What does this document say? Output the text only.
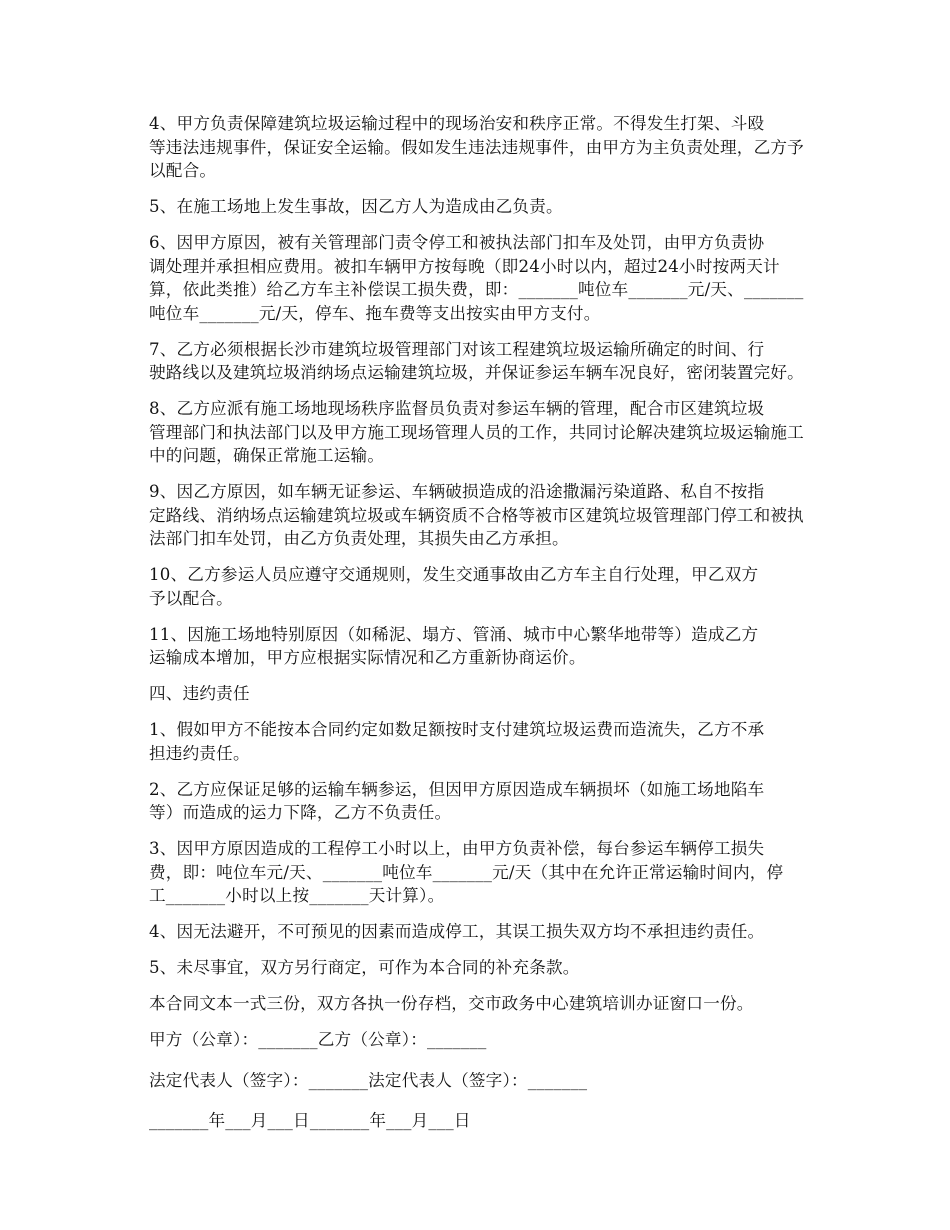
4、甲方负责保障建筑垃圾运输过程中的现场治安和秩序正常。不得发生打架、斗殴
等违法违规事件，保证安全运输。假如发生违法违规事件，由甲方为主负责处理，乙方予
以配合。

5、在施工场地上发生事故，因乙方人为造成由乙负责。

6、因甲方原因，被有关管理部门责令停工和被执法部门扣车及处罚，由甲方负责协
调处理并承担相应费用。被扣车辆甲方按每晚（即24小时以内，超过24小时按两天计
算，依此类推）给乙方车主补偿误工损失费，即：_______吨位车_______元/天、_______
吨位车_______元/天，停车、拖车费等支出按实由甲方支付。

7、乙方必须根据长沙市建筑垃圾管理部门对该工程建筑垃圾运输所确定的时间、行
驶路线以及建筑垃圾消纳场点运输建筑垃圾，并保证参运车辆车况良好，密闭装置完好。

8、乙方应派有施工场地现场秩序监督员负责对参运车辆的管理，配合市区建筑垃圾
管理部门和执法部门以及甲方施工现场管理人员的工作，共同讨论解决建筑垃圾运输施工
中的问题，确保正常施工运输。

9、因乙方原因，如车辆无证参运、车辆破损造成的沿途撒漏污染道路、私自不按指
定路线、消纳场点运输建筑垃圾或车辆资质不合格等被市区建筑垃圾管理部门停工和被执
法部门扣车处罚，由乙方负责处理，其损失由乙方承担。

10、乙方参运人员应遵守交通规则，发生交通事故由乙方车主自行处理，甲乙双方
予以配合。

11、因施工场地特别原因（如稀泥、塌方、管涌、城市中心繁华地带等）造成乙方
运输成本增加，甲方应根据实际情况和乙方重新协商运价。

四、违约责任

1、假如甲方不能按本合同约定如数足额按时支付建筑垃圾运费而造流失，乙方不承
担违约责任。

2、乙方应保证足够的运输车辆参运，但因甲方原因造成车辆损坏（如施工场地陷车
等）而造成的运力下降，乙方不负责任。

3、因甲方原因造成的工程停工小时以上，由甲方负责补偿，每台参运车辆停工损失
费，即：吨位车元/天、_______吨位车_______元/天（其中在允许正常运输时间内，停
工_______小时以上按_______天计算）。

4、因无法避开，不可预见的因素而造成停工，其误工损失双方均不承担违约责任。

5、未尽事宜，双方另行商定，可作为本合同的补充条款。

本合同文本一式三份，双方各执一份存档，交市政务中心建筑培训办证窗口一份。

甲方（公章）：_______乙方（公章）：_______

法定代表人（签字）：_______法定代表人（签字）：_______

_______年___月___日_______年___月___日
